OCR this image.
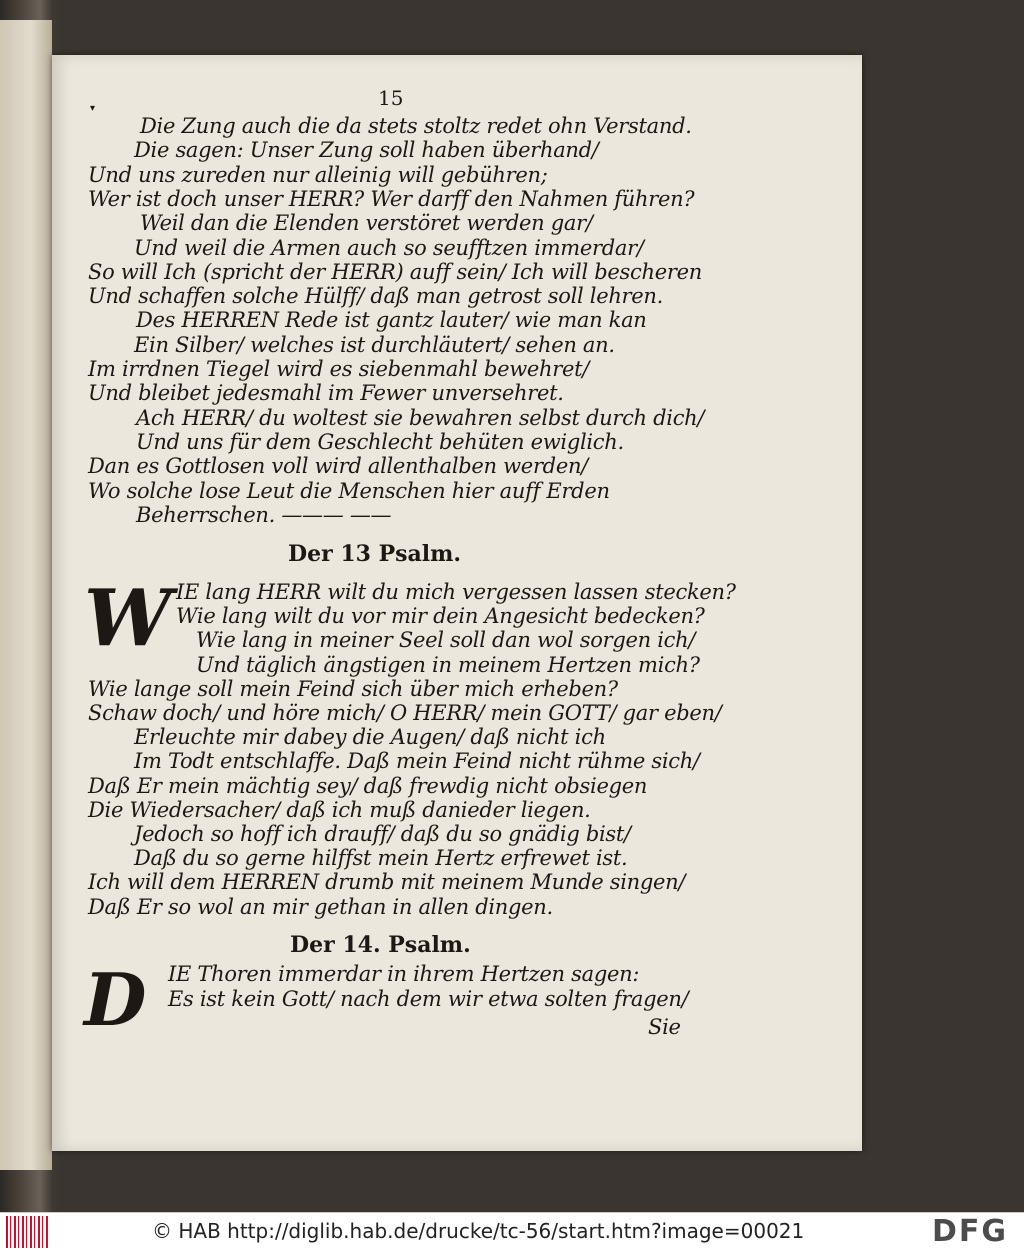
15
▾
Die Zung auch die da stets stoltz redet ohn Verstand.
Die sagen: Unser Zung soll haben überhand/
Und uns zureden nur alleinig will gebühren;
Wer ist doch unser HERR? Wer darff den Nahmen führen?
Weil dan die Elenden verstöret werden gar/
Und weil die Armen auch so seufftzen immerdar/
So will Ich (spricht der HERR) auff sein/ Ich will bescheren
Und schaffen solche Hülff/ daß man getrost soll lehren.
Des HERREN Rede ist gantz lauter/ wie man kan
Ein Silber/ welches ist durchläutert/ sehen an.
Im irrdnen Tiegel wird es siebenmahl bewehret/
Und bleibet jedesmahl im Fewer unversehret.
Ach HERR/ du woltest sie bewahren selbst durch dich/
Und uns für dem Geschlecht behüten ewiglich.
Dan es Gottlosen voll wird allenthalben werden/
Wo solche lose Leut die Menschen hier auff Erden
Beherrschen. ——— ——
Der 13 Psalm.
W IE lang HERR wilt du mich vergessen lassen stecken?
Wie lang wilt du vor mir dein Angesicht bedecken?
Wie lang in meiner Seel soll dan wol sorgen ich/
Und täglich ängstigen in meinem Hertzen mich?
Wie lange soll mein Feind sich über mich erheben?
Schaw doch/ und höre mich/ O HERR/ mein GOTT/ gar eben/
Erleuchte mir dabey die Augen/ daß nicht ich
Im Todt entschlaffe. Daß mein Feind nicht rühme sich/
Daß Er mein mächtig sey/ daß frewdig nicht obsiegen
Die Wiedersacher/ daß ich muß danieder liegen.
Jedoch so hoff ich drauff/ daß du so gnädig bist/
Daß du so gerne hilffst mein Hertz erfrewet ist.
Ich will dem HERREN drumb mit meinem Munde singen/
Daß Er so wol an mir gethan in allen dingen.
Der 14. Psalm.
D IE Thoren immerdar in ihrem Hertzen sagen:
Es ist kein Gott/ nach dem wir etwa solten fragen/
Sie
© HAB http://diglib.hab.de/drucke/tc-56/start.htm?image=00021	DFG
